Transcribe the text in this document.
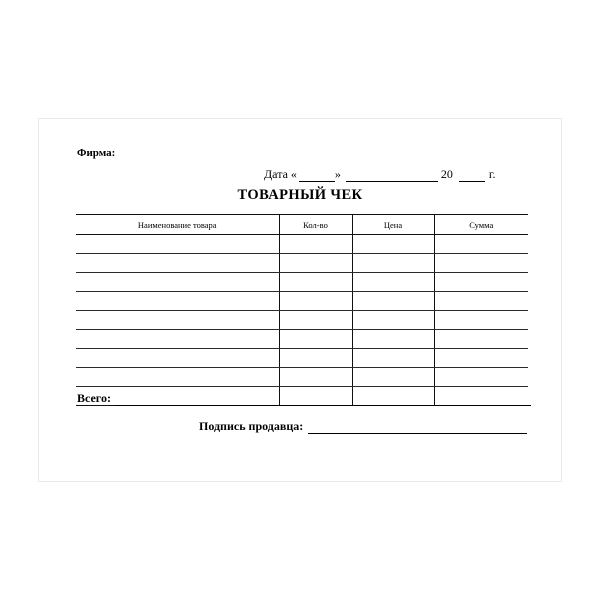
Фирма:
Дата «	»	20	г.
ТОВАРНЫЙ ЧЕК
Наименование товара	Кол-во	Цена	Сумма

Всего:
Подпись продавца:
